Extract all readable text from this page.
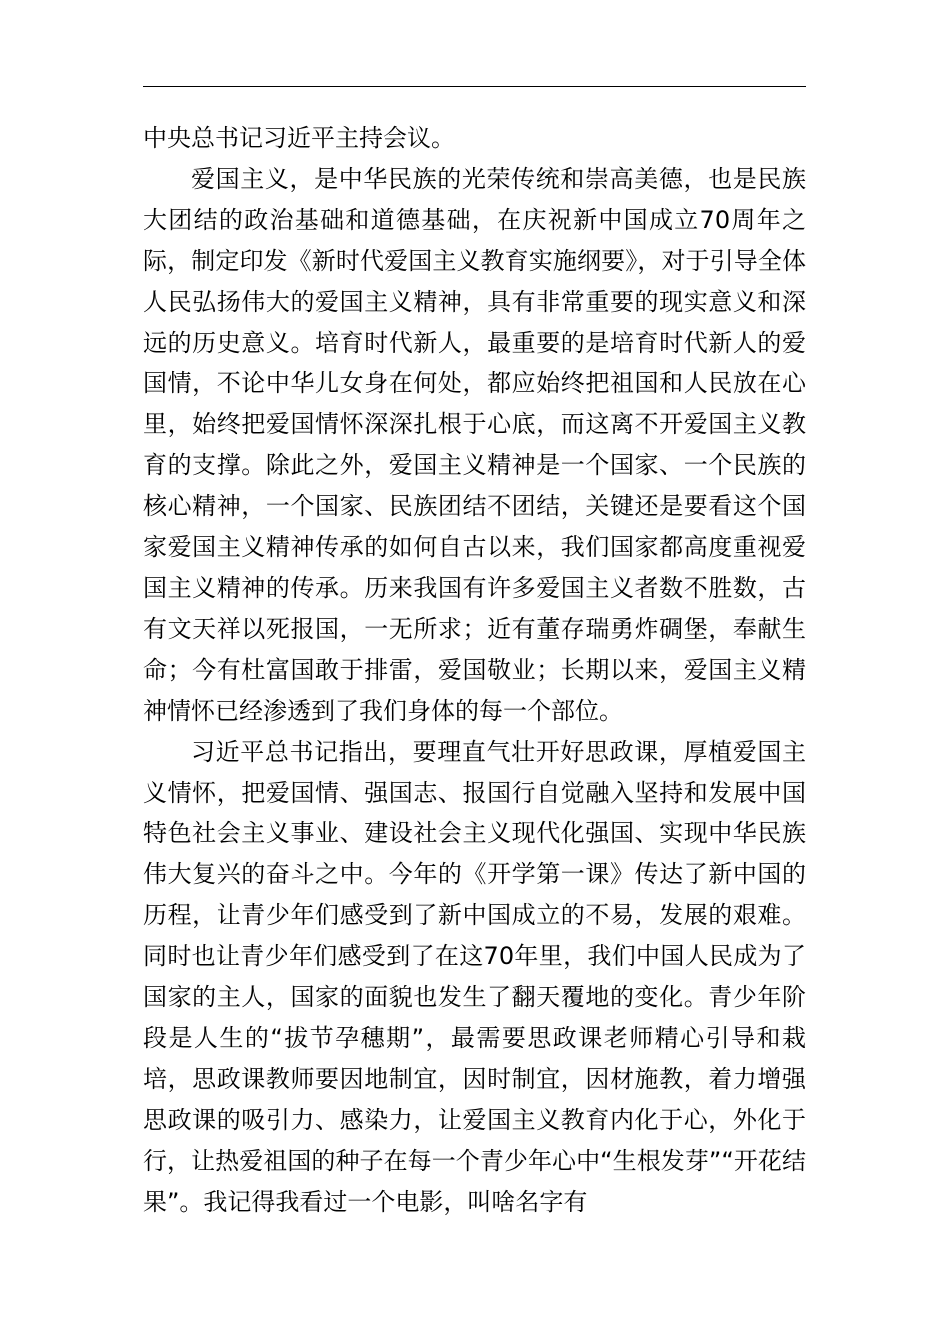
中央总书记习近平主持会议。

爱国主义，是中华民族的光荣传统和崇高美德，也是民族大团结的政治基础和道德基础，在庆祝新中国成立70周年之际，制定印发《新时代爱国主义教育实施纲要》，对于引导全体人民弘扬伟大的爱国主义精神，具有非常重要的现实意义和深远的历史意义。培育时代新人，最重要的是培育时代新人的爱国情，不论中华儿女身在何处，都应始终把祖国和人民放在心里，始终把爱国情怀深深扎根于心底，而这离不开爱国主义教育的支撑。除此之外，爱国主义精神是一个国家、一个民族的核心精神，一个国家、民族团结不团结，关键还是要看这个国家爱国主义精神传承的如何自古以来，我们国家都高度重视爱国主义精神的传承。历来我国有许多爱国主义者数不胜数，古有文天祥以死报国，一无所求；近有董存瑞勇炸碉堡，奉献生命；今有杜富国敢于排雷，爱国敬业；长期以来，爱国主义精神情怀已经渗透到了我们身体的每一个部位。

习近平总书记指出，要理直气壮开好思政课，厚植爱国主义情怀，把爱国情、强国志、报国行自觉融入坚持和发展中国特色社会主义事业、建设社会主义现代化强国、实现中华民族伟大复兴的奋斗之中。今年的《开学第一课》传达了新中国的历程，让青少年们感受到了新中国成立的不易，发展的艰难。同时也让青少年们感受到了在这70年里，我们中国人民成为了国家的主人，国家的面貌也发生了翻天覆地的变化。青少年阶段是人生的“拔节孕穗期”，最需要思政课老师精心引导和栽培，思政课教师要因地制宜，因时制宜，因材施教，着力增强思政课的吸引力、感染力，让爱国主义教育内化于心，外化于行，让热爱祖国的种子在每一个青少年心中“生根发芽”“开花结果”。我记得我看过一个电影，叫啥名字有
